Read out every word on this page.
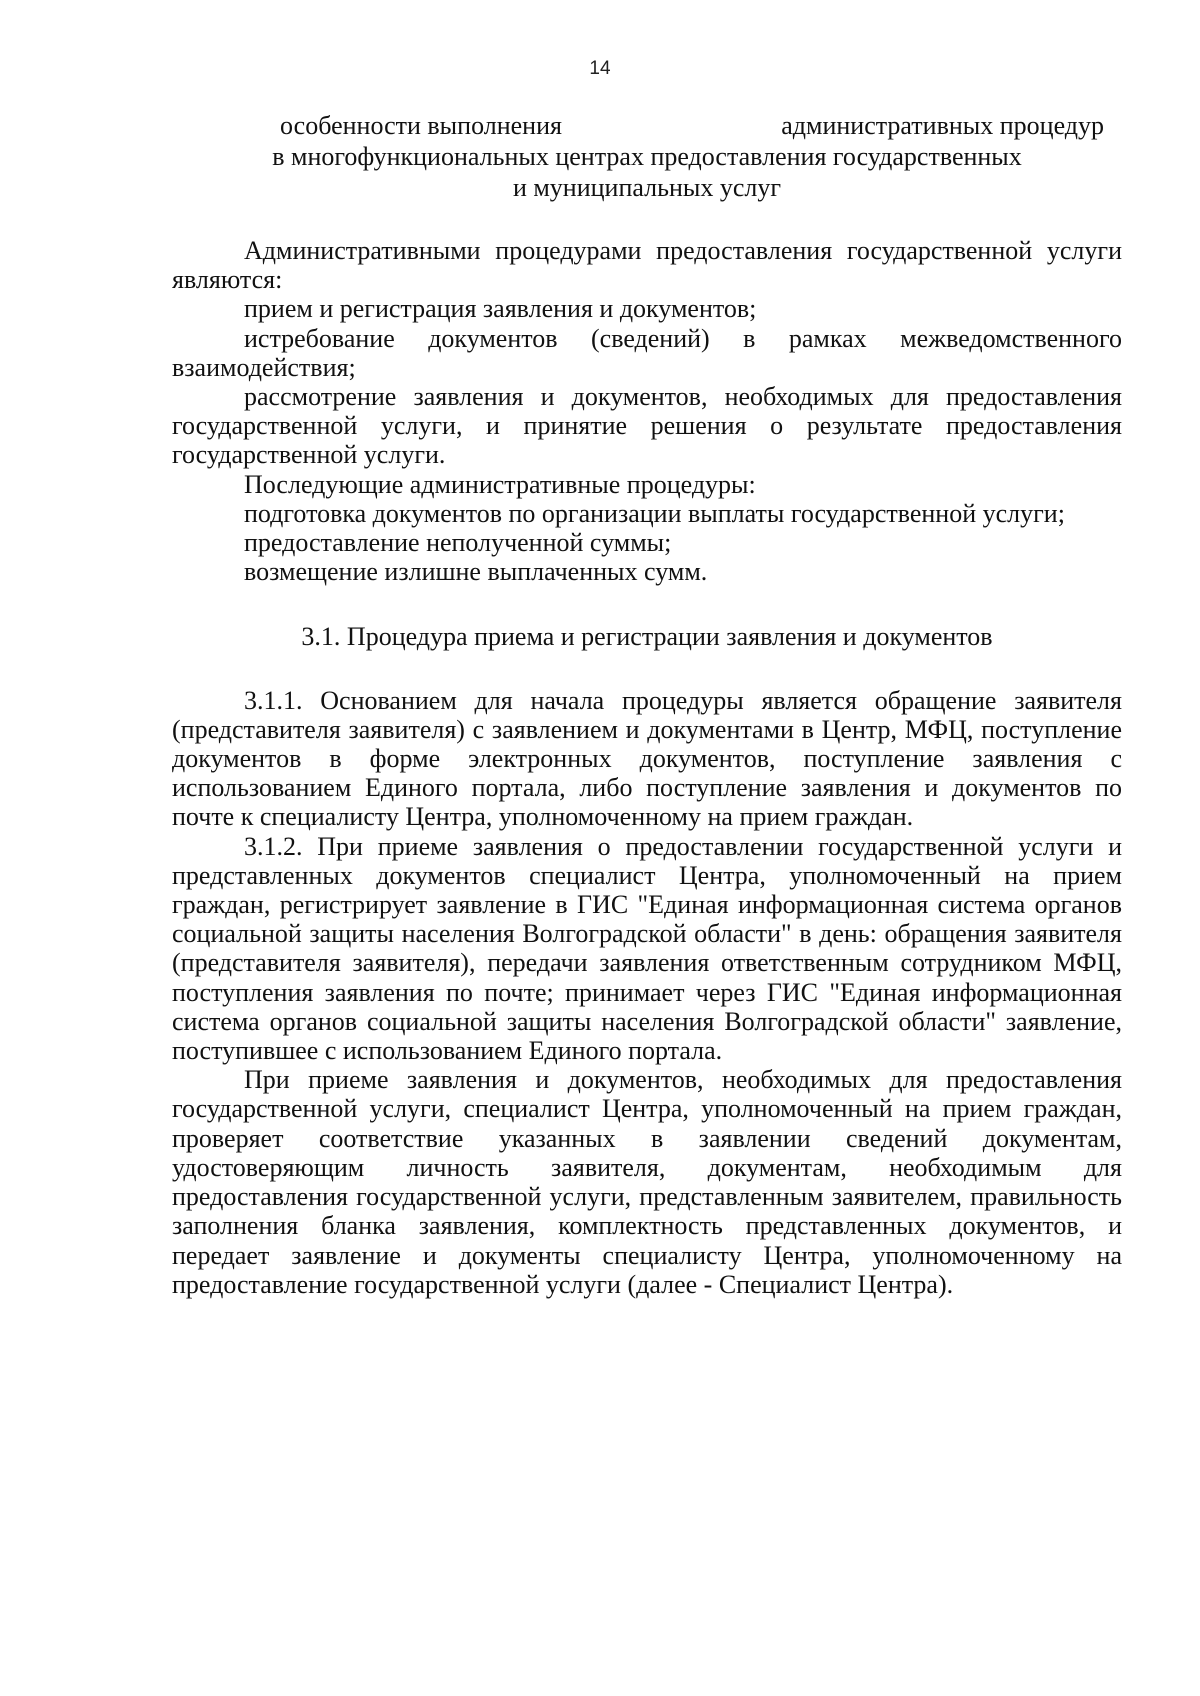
14
особенности выполнения	административных процедур
в многофункциональных центрах предоставления государственных
и муниципальных услуг

Административными процедурами предоставления государственной услуги являются:

прием и регистрация заявления и документов;

истребование документов (сведений) в рамках межведомственного взаимодействия;

рассмотрение заявления и документов, необходимых для предоставления государственной услуги, и принятие решения о результате предоставления государственной услуги.

Последующие административные процедуры:

подготовка документов по организации выплаты государственной услуги;

предоставление неполученной суммы;

возмещение излишне выплаченных сумм.

3.1. Процедура приема и регистрации заявления и документов

3.1.1. Основанием для начала процедуры является обращение заявителя (представителя заявителя) с заявлением и документами в Центр, МФЦ, поступление документов в форме электронных документов, поступление заявления с использованием Единого портала, либо поступление заявления и документов по почте к специалисту Центра, уполномоченному на прием граждан.

3.1.2. При приеме заявления о предоставлении государственной услуги и представленных документов специалист Центра, уполномоченный на прием граждан, регистрирует заявление в ГИС "Единая информационная система органов социальной защиты населения Волгоградской области" в день: обращения заявителя (представителя заявителя), передачи заявления ответственным сотрудником МФЦ, поступления заявления по почте; принимает через ГИС "Единая информационная система органов социальной защиты населения Волгоградской области" заявление, поступившее с использованием Единого портала.

При приеме заявления и документов, необходимых для предоставления государственной услуги, специалист Центра, уполномоченный на прием граждан, проверяет соответствие указанных в заявлении сведений документам, удостоверяющим личность заявителя, документам, необходимым для предоставления государственной услуги, представленным заявителем, правильность заполнения бланка заявления, комплектность представленных документов, и передает заявление и документы специалисту Центра, уполномоченному на предоставление государственной услуги (далее - Специалист Центра).
